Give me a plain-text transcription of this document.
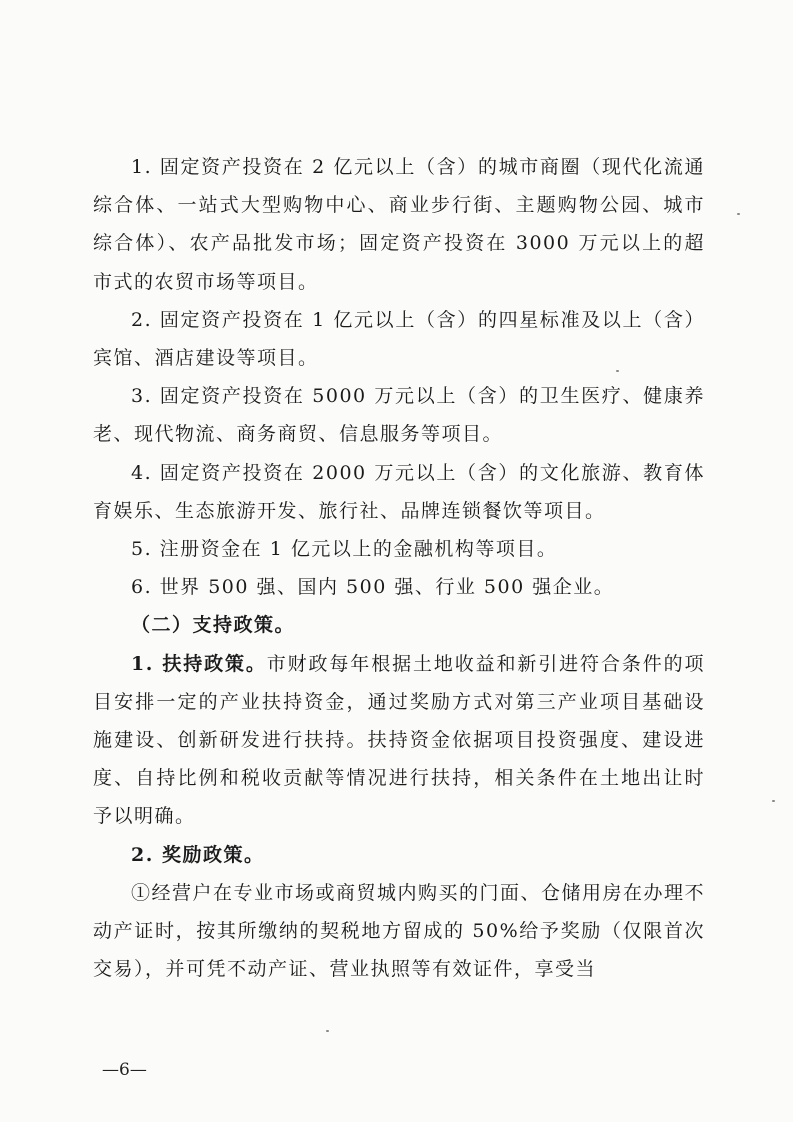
1. 固定资产投资在 2 亿元以上（含）的城市商圈（现代化流通综合体、一站式大型购物中心、商业步行街、主题购物公园、城市综合体）、农产品批发市场；固定资产投资在 3000 万元以上的超市式的农贸市场等项目。

2. 固定资产投资在 1 亿元以上（含）的四星标准及以上（含）宾馆、酒店建设等项目。

3. 固定资产投资在 5000 万元以上（含）的卫生医疗、健康养老、现代物流、商务商贸、信息服务等项目。

4. 固定资产投资在 2000 万元以上（含）的文化旅游、教育体育娱乐、生态旅游开发、旅行社、品牌连锁餐饮等项目。

5. 注册资金在 1 亿元以上的金融机构等项目。

6. 世界 500 强、国内 500 强、行业 500 强企业。

（二）支持政策。

1. 扶持政策。市财政每年根据土地收益和新引进符合条件的项目安排一定的产业扶持资金，通过奖励方式对第三产业项目基础设施建设、创新研发进行扶持。扶持资金依据项目投资强度、建设进度、自持比例和税收贡献等情况进行扶持，相关条件在土地出让时予以明确。

2. 奖励政策。

①经营户在专业市场或商贸城内购买的门面、仓储用房在办理不动产证时，按其所缴纳的契税地方留成的 50%给予奖励（仅限首次交易），并可凭不动产证、营业执照等有效证件，享受当

—6—
